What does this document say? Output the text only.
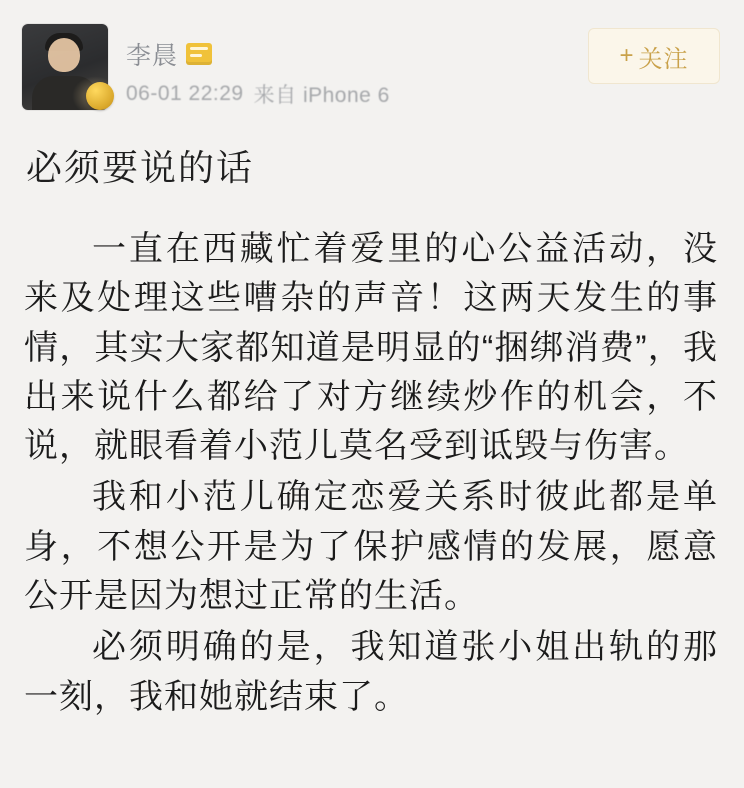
李晨
06-01 22:29 来自 iPhone 6
+ 关注
必须要说的话

一直在西藏忙着爱里的心公益活动，没来及处理这些嘈杂的声音！这两天发生的事情，其实大家都知道是明显的“捆绑消费”，我出来说什么都给了对方继续炒作的机会，不说，就眼看着小范儿莫名受到诋毁与伤害。

我和小范儿确定恋爱关系时彼此都是单身，不想公开是为了保护感情的发展，愿意公开是因为想过正常的生活。

必须明确的是，我知道张小姐出轨的那一刻，我和她就结束了。
